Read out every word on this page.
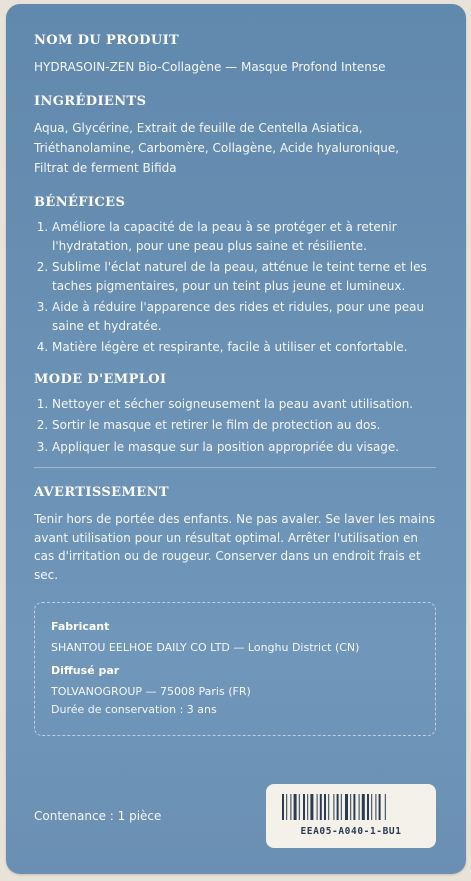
NOM DU PRODUIT

HYDRASOIN-ZEN Bio-Collagène — Masque Profond Intense

INGRÉDIENTS

Aqua, Glycérine, Extrait de feuille de Centella Asiatica, Triéthanolamine, Carbomère, Collagène, Acide hyaluronique, Filtrat de ferment Bifida

BÉNÉFICES
1. Améliore la capacité de la peau à se protéger et à retenir l'hydratation, pour une peau plus saine et résiliente.
2. Sublime l'éclat naturel de la peau, atténue le teint terne et les taches pigmentaires, pour un teint plus jeune et lumineux.
3. Aide à réduire l'apparence des rides et ridules, pour une peau saine et hydratée.
4. Matière légère et respirante, facile à utiliser et confortable.
MODE D'EMPLOI
1. Nettoyer et sécher soigneusement la peau avant utilisation.
2. Sortir le masque et retirer le film de protection au dos.
3. Appliquer le masque sur la position appropriée du visage.
AVERTISSEMENT

Tenir hors de portée des enfants. Ne pas avaler. Se laver les mains avant utilisation pour un résultat optimal. Arrêter l'utilisation en cas d'irritation ou de rougeur. Conserver dans un endroit frais et sec.

Fabricant

SHANTOU EELHOE DAILY CO LTD — Longhu District (CN)

Diffusé par

TOLVANOGROUP — 75008 Paris (FR)

Durée de conservation : 3 ans

Contenance : 1 pièce

EEA05-A040-1-BU1
